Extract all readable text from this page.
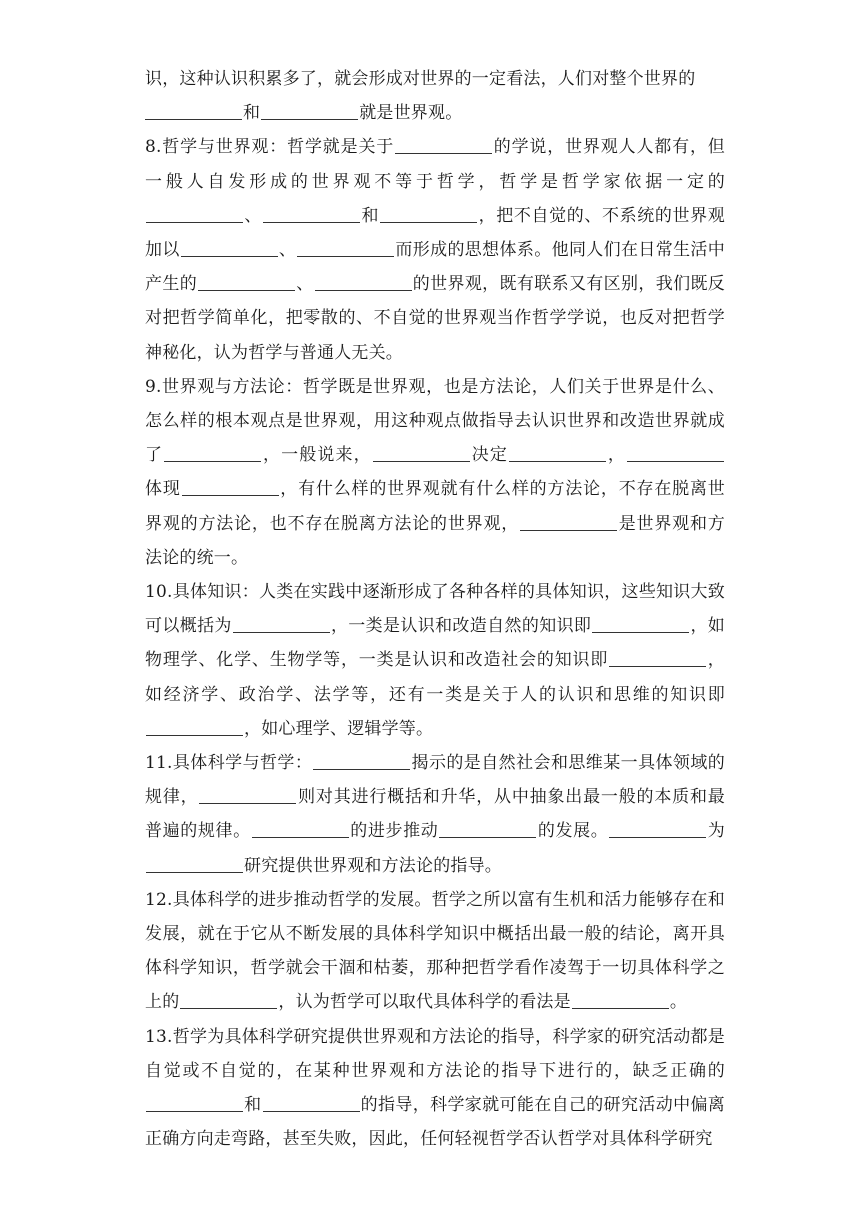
识，这种认识积累多了，就会形成对世界的一定看法，人们对整个世界的
和	就是世界观。

8.哲学与世界观：哲学就是关于	的学说，世界观人人都有，但一般人自发形成的世界观不等于哲学，哲学是哲学家依据一定的、	和	，把不自觉的、不系统的世界观加以	、	而形成的思想体系。他同人们在日常生活中产生的	、	的世界观，既有联系又有区别，我们既反对把哲学简单化，把零散的、不自觉的世界观当作哲学学说，也反对把哲学神秘化，认为哲学与普通人无关。

9.世界观与方法论：哲学既是世界观，也是方法论，人们关于世界是什么、怎么样的根本观点是世界观，用这种观点做指导去认识世界和改造世界就成了	，一般说来，	决定	，体现	，有什么样的世界观就有什么样的方法论，不存在脱离世界观的方法论，也不存在脱离方法论的世界观，	是世界观和方法论的统一。

10.具体知识：人类在实践中逐渐形成了各种各样的具体知识，这些知识大致可以概括为	，一类是认识和改造自然的知识即	，如物理学、化学、生物学等，一类是认识和改造社会的知识即	，如经济学、政治学、法学等，还有一类是关于人的认识和思维的知识即，如心理学、逻辑学等。

11.具体科学与哲学：	揭示的是自然社会和思维某一具体领域的规律，	则对其进行概括和升华，从中抽象出最一般的本质和最普遍的规律。	的进步推动	的发展。	为研究提供世界观和方法论的指导。

12.具体科学的进步推动哲学的发展。哲学之所以富有生机和活力能够存在和发展，就在于它从不断发展的具体科学知识中概括出最一般的结论，离开具体科学知识，哲学就会干涸和枯萎，那种把哲学看作凌驾于一切具体科学之上的	，认为哲学可以取代具体科学的看法是	。

13.哲学为具体科学研究提供世界观和方法论的指导，科学家的研究活动都是自觉或不自觉的，在某种世界观和方法论的指导下进行的，缺乏正确的和	的指导，科学家就可能在自己的研究活动中偏离正确方向走弯路，甚至失败，因此，任何轻视哲学否认哲学对具体科学研究
